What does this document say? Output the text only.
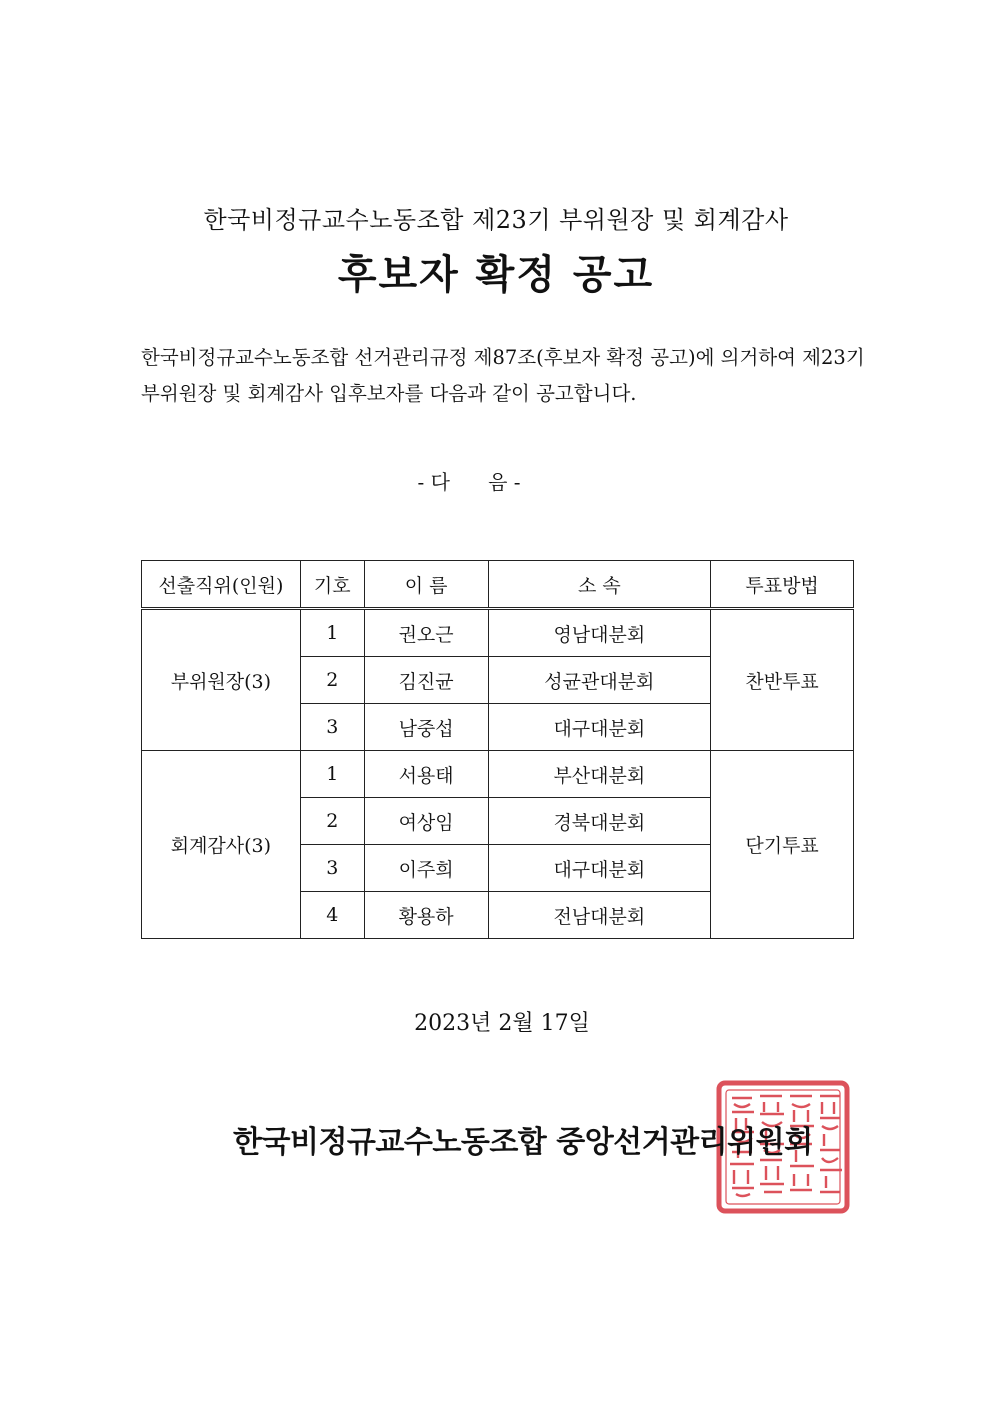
한국비정규교수노동조합 제23기 부위원장 및 회계감사
후보자 확정 공고

한국비정규교수노동조합 선거관리규정 제87조(후보자 확정 공고)에 의거하여 제23기

부위원장 및 회계감사 입후보자를 다음과 같이 공고합니다.

- 다      음 -
선출직위(인원)	기호	이 름	소 속	투표방법
부위원장(3)	1	권오근	영남대분회	찬반투표
	2	김진균	성균관대분회	
	3	남중섭	대구대분회	
회계감사(3)	1	서용태	부산대분회	단기투표
	2	여상임	경북대분회	
	3	이주희	대구대분회	
	4	황용하	전남대분회	
2023년 2월 17일
한국비정규교수노동조합 중앙선거관리위원회
